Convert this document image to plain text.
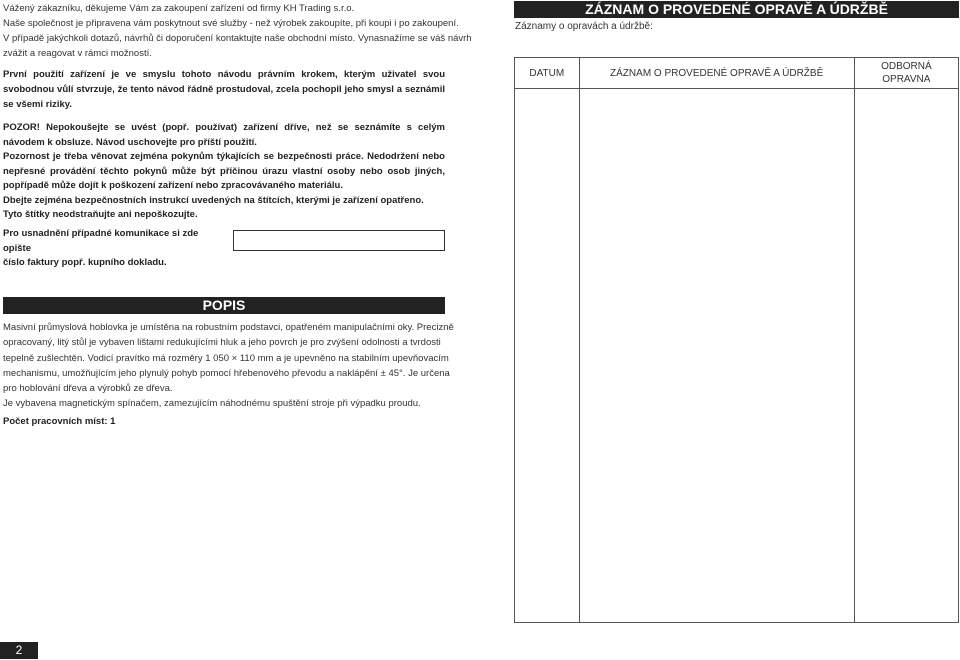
Vážený zákazníku, děkujeme Vám za zakoupení zařízení od firmy KH Trading s.r.o.
Naše společnost je připravena vám poskytnout své služby - než výrobek zakoupíte, při koupi i po zakoupení.
V případě jakýchkoli dotazů, návrhů či doporučení kontaktujte naše obchodní místo. Vynasnažíme se váš návrh
zvážit a reagovat v rámci možností.
První použití zařízení je ve smyslu tohoto návodu právním krokem, kterým uživatel svou svobodnou vůlí stvrzuje, že tento návod řádně prostudoval, zcela pochopil jeho smysl a seznámil se všemi riziky.
POZOR! Nepokoušejte se uvést (popř. používat) zařízení dříve, než se seznámíte s celým návodem k obsluze. Návod uschovejte pro příští použití.
Pozornost je třeba věnovat zejména pokynům týkajících se bezpečnosti práce. Nedodržení nebo nepřesné provádění těchto pokynů může být příčinou úrazu vlastní osoby nebo osob jiných, popřípadě může dojít k poškození zařízení nebo zpracovávaného materiálu.
Dbejte zejména bezpečnostních instrukcí uvedených na štítcích, kterými je zařízení opatřeno.
Tyto štítky neodstraňujte ani nepoškozujte.
Pro usnadnění případné komunikace si zde opište
číslo faktury popř. kupního dokladu.
POPIS
Masivní průmyslová hoblovka je umístěna na robustním podstavci, opatřeném manipulačními oky. Precizně
opracovaný, litý stůl je vybaven lištami redukujícími hluk a jeho povrch je pro zvýšení odolnosti a tvrdosti
tepelně zušlechtěn. Vodicí pravítko má rozměry 1 050 × 110 mm a je upevněno na stabilním upevňovacím
mechanismu, umožňujícím jeho plynulý pohyb pomocí hřebenového převodu a naklápění ± 45°. Je určena
pro hoblování dřeva a výrobků ze dřeva.
Je vybavena magnetickým spínačem, zamezujícím náhodnému spuštění stroje při výpadku proudu.
Počet pracovních míst: 1
2
ZÁZNAM O PROVEDENÉ OPRAVĚ A ÚDRŽBĚ
Záznamy o opravách a údržbě:
DATUM	ZÁZNAM O PROVEDENÉ OPRAVĚ A ÚDRŽBĚ	ODBORNÁ
OPRAVNA
